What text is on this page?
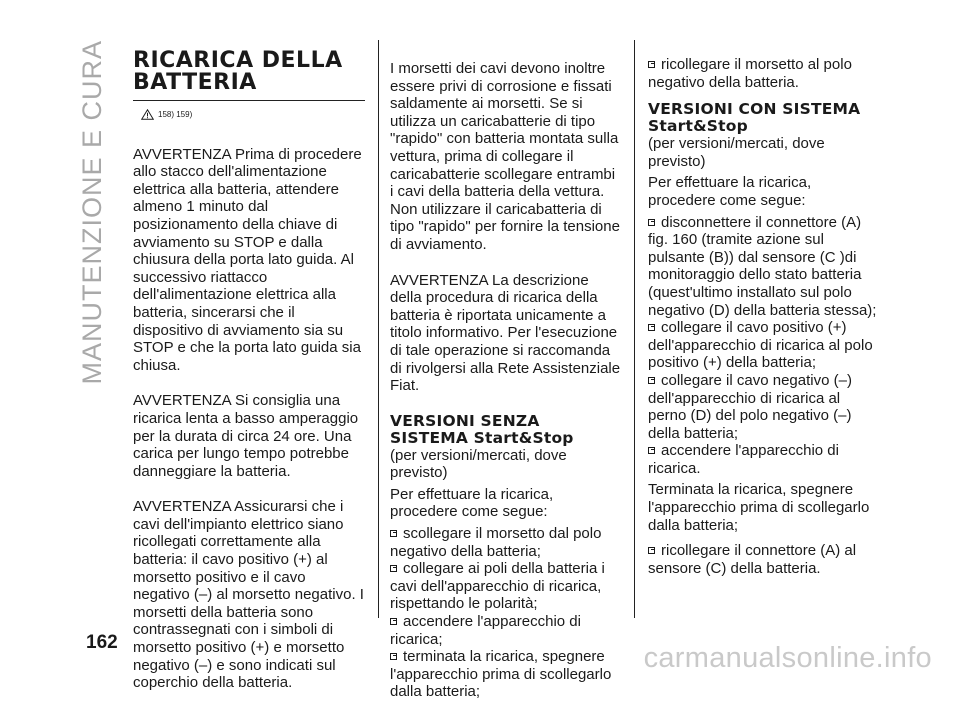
MANUTENZIONE E CURA RICARICA DELLA BATTERIA
158) 159)

AVVERTENZA Prima di procedere allo stacco dell'alimentazione elettrica alla batteria, attendere almeno 1 minuto dal posizionamento della chiave di avviamento su STOP e dalla chiusura della porta lato guida. Al successivo riattacco dell'alimentazione elettrica alla batteria, sincerarsi che il dispositivo di avviamento sia su STOP e che la porta lato guida sia chiusa.

AVVERTENZA Si consiglia una ricarica lenta a basso amperaggio per la durata di circa 24 ore. Una carica per lungo tempo potrebbe danneggiare la batteria.

AVVERTENZA Assicurarsi che i cavi dell'impianto elettrico siano ricollegati correttamente alla batteria: il cavo positivo (+) al morsetto positivo e il cavo negativo (–) al morsetto negativo. I morsetti della batteria sono contrassegnati con i simboli di morsetto positivo (+) e morsetto negativo (–) e sono indicati sul coperchio della batteria.

I morsetti dei cavi devono inoltre essere privi di corrosione e fissati saldamente ai morsetti. Se si utilizza un caricabatterie di tipo "rapido" con batteria montata sulla vettura, prima di collegare il caricabatterie scollegare entrambi i cavi della batteria della vettura. Non utilizzare il caricabatteria di tipo "rapido" per fornire la tensione di avviamento.

AVVERTENZA La descrizione della procedura di ricarica della batteria è riportata unicamente a titolo informativo. Per l'esecuzione di tale operazione si raccomanda di rivolgersi alla Rete Assistenziale Fiat.

VERSIONI SENZA SISTEMA Start&Stop

(per versioni/mercati, dove previsto)

Per effettuare la ricarica, procedere come segue:

scollegare il morsetto dal polo negativo della batteria;

collegare ai poli della batteria i cavi dell'apparecchio di ricarica, rispettando le polarità;

accendere l'apparecchio di ricarica;

terminata la ricarica, spegnere l'apparecchio prima di scollegarlo dalla batteria;

ricollegare il morsetto al polo negativo della batteria.

VERSIONI CON SISTEMA Start&Stop

(per versioni/mercati, dove previsto)

Per effettuare la ricarica, procedere come segue:

disconnettere il connettore (A) fig. 160 (tramite azione sul pulsante (B)) dal sensore (C )di monitoraggio dello stato batteria (quest'ultimo installato sul polo negativo (D) della batteria stessa);

collegare il cavo positivo (+) dell'apparecchio di ricarica al polo positivo (+) della batteria;

collegare il cavo negativo (–) dell'apparecchio di ricarica al perno (D) del polo negativo (–) della batteria;

accendere l'apparecchio di ricarica.

Terminata la ricarica, spegnere l'apparecchio prima di scollegarlo dalla batteria;

ricollegare il connettore (A) al sensore (C) della batteria.

162	carmanualsonline.info
